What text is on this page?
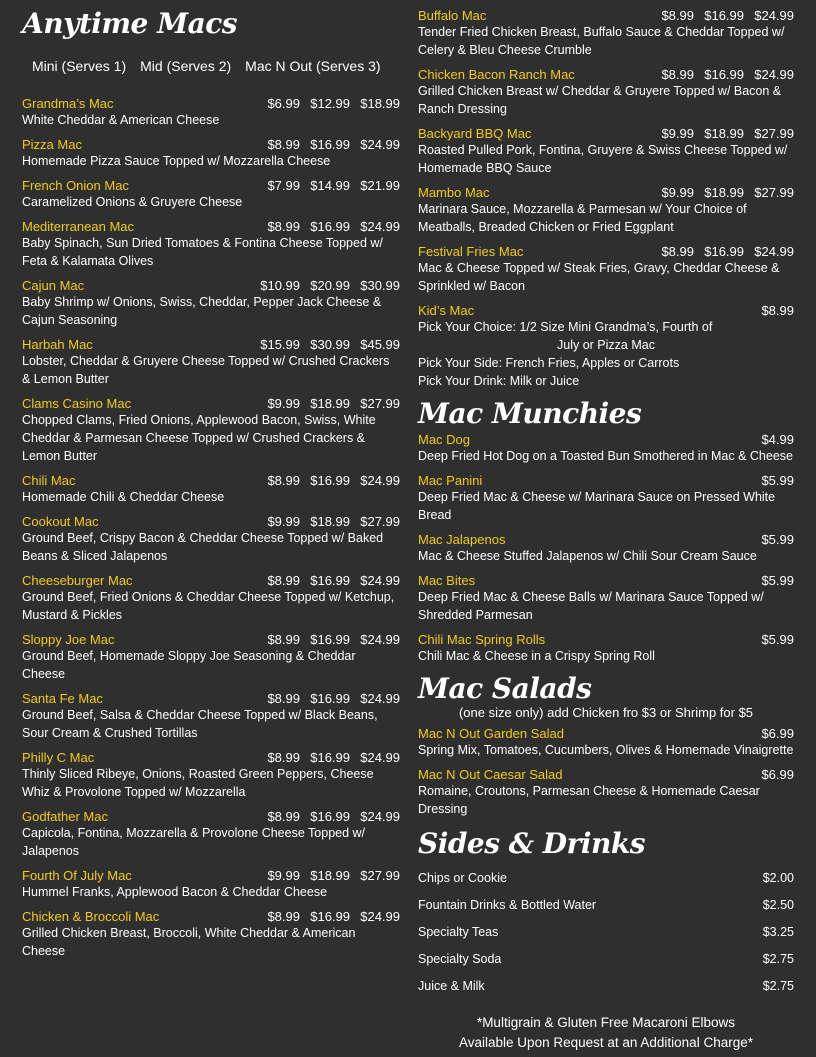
Anytime Macs
Mini (Serves 1) Mid (Serves 2) Mac N Out (Serves 3)
Grandma’s Mac	$6.99 $12.99 $18.99
White Cheddar & American Cheese
Pizza Mac	$8.99 $16.99 $24.99
Homemade Pizza Sauce Topped w/ Mozzarella Cheese
French Onion Mac	$7.99 $14.99 $21.99
Caramelized Onions & Gruyere Cheese
Mediterranean Mac	$8.99 $16.99 $24.99
Baby Spinach, Sun Dried Tomatoes & Fontina Cheese Topped w/ Feta & Kalamata Olives
Cajun Mac	$10.99 $20.99 $30.99
Baby Shrimp w/ Onions, Swiss, Cheddar, Pepper Jack Cheese & Cajun Seasoning
Harbah Mac	$15.99 $30.99 $45.99
Lobster, Cheddar & Gruyere Cheese Topped w/ Crushed Crackers & Lemon Butter
Clams Casino Mac	$9.99 $18.99 $27.99
Chopped Clams, Fried Onions, Applewood Bacon, Swiss, White Cheddar & Parmesan Cheese Topped w/ Crushed Crackers & Lemon Butter
Chili Mac	$8.99 $16.99 $24.99
Homemade Chili & Cheddar Cheese
Cookout Mac	$9.99 $18.99 $27.99
Ground Beef, Crispy Bacon & Cheddar Cheese Topped w/ Baked Beans & Sliced Jalapenos
Cheeseburger Mac	$8.99 $16.99 $24.99
Ground Beef, Fried Onions & Cheddar Cheese Topped w/ Ketchup, Mustard & Pickles
Sloppy Joe Mac	$8.99 $16.99 $24.99
Ground Beef, Homemade Sloppy Joe Seasoning & Cheddar Cheese
Santa Fe Mac	$8.99 $16.99 $24.99
Ground Beef, Salsa & Cheddar Cheese Topped w/ Black Beans, Sour Cream & Crushed Tortillas
Philly C Mac	$8.99 $16.99 $24.99
Thinly Sliced Ribeye, Onions, Roasted Green Peppers, Cheese Whiz & Provolone Topped w/ Mozzarella
Godfather Mac	$8.99 $16.99 $24.99
Capicola, Fontina, Mozzarella & Provolone Cheese Topped w/ Jalapenos
Fourth Of July Mac	$9.99 $18.99 $27.99
Hummel Franks, Applewood Bacon & Cheddar Cheese
Chicken & Broccoli Mac	$8.99 $16.99 $24.99
Grilled Chicken Breast, Broccoli, White Cheddar & American Cheese
Buffalo Mac	$8.99 $16.99 $24.99
Tender Fried Chicken Breast, Buffalo Sauce & Cheddar Topped w/ Celery & Bleu Cheese Crumble
Chicken Bacon Ranch Mac	$8.99 $16.99 $24.99
Grilled Chicken Breast w/ Cheddar & Gruyere Topped w/ Bacon & Ranch Dressing
Backyard BBQ Mac	$9.99 $18.99 $27.99
Roasted Pulled Pork, Fontina, Gruyere & Swiss Cheese Topped w/ Homemade BBQ Sauce
Mambo Mac	$9.99 $18.99 $27.99
Marinara Sauce, Mozzarella & Parmesan w/ Your Choice of Meatballs, Breaded Chicken or Fried Eggplant
Festival Fries Mac	$8.99 $16.99 $24.99
Mac & Cheese Topped w/ Steak Fries, Gravy, Cheddar Cheese & Sprinkled w/ Bacon
Kid’s Mac	$8.99
Pick Your Choice: 1/2 Size Mini Grandma’s, Fourth of
July or Pizza Mac
Pick Your Side: French Fries, Apples or Carrots
Pick Your Drink: Milk or Juice
Mac Munchies
Mac Dog	$4.99
Deep Fried Hot Dog on a Toasted Bun Smothered in Mac & Cheese
Mac Panini	$5.99
Deep Fried Mac & Cheese w/ Marinara Sauce on Pressed White Bread
Mac Jalapenos	$5.99
Mac & Cheese Stuffed Jalapenos w/ Chili Sour Cream Sauce
Mac Bites	$5.99
Deep Fried Mac & Cheese Balls w/ Marinara Sauce Topped w/ Shredded Parmesan
Chili Mac Spring Rolls	$5.99
Chili Mac & Cheese in a Crispy Spring Roll
Mac Salads
(one size only) add Chicken fro $3 or Shrimp for $5
Mac N Out Garden Salad	$6.99
Spring Mix, Tomatoes, Cucumbers, Olives & Homemade Vinaigrette
Mac N Out Caesar Salad	$6.99
Romaine, Croutons, Parmesan Cheese & Homemade Caesar Dressing
Sides & Drinks
Chips or Cookie	$2.00
Fountain Drinks & Bottled Water	$2.50
Specialty Teas	$3.25
Specialty Soda	$2.75
Juice & Milk	$2.75
*Multigrain & Gluten Free Macaroni Elbows
Available Upon Request at an Additional Charge*
